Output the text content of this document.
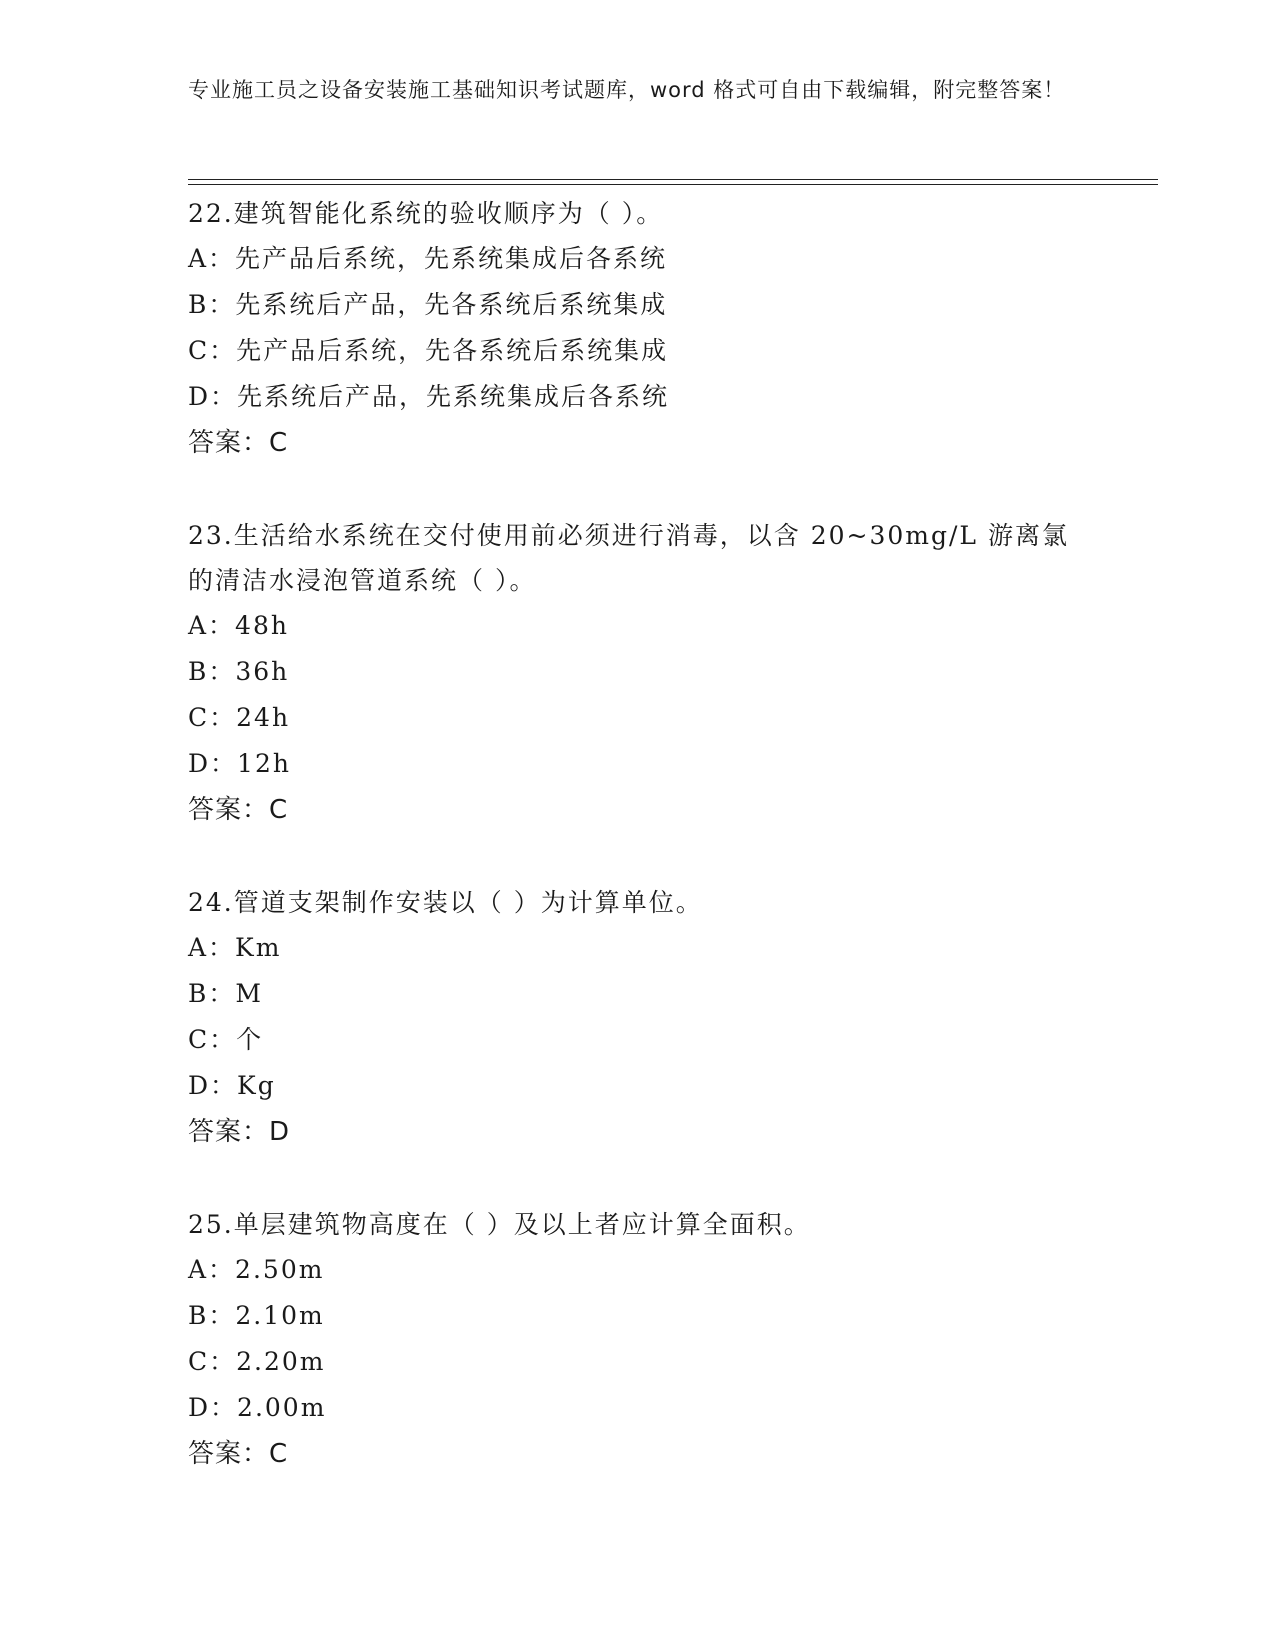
专业施工员之设备安装施工基础知识考试题库，word 格式可自由下载编辑，附完整答案！
22.建筑智能化系统的验收顺序为（ ）。
A：先产品后系统，先系统集成后各系统
B：先系统后产品，先各系统后系统集成
C：先产品后系统，先各系统后系统集成
D：先系统后产品，先系统集成后各系统
答案：C
23.生活给水系统在交付使用前必须进行消毒，以含 20~30mg/L 游离氯
的清洁水浸泡管道系统（ ）。
A：48h
B：36h
C：24h
D：12h
答案：C
24.管道支架制作安装以（ ）为计算单位。
A：Km
B：M
C：个
D：Kg
答案：D
25.单层建筑物高度在（ ）及以上者应计算全面积。
A：2.50m
B：2.10m
C：2.20m
D：2.00m
答案：C
